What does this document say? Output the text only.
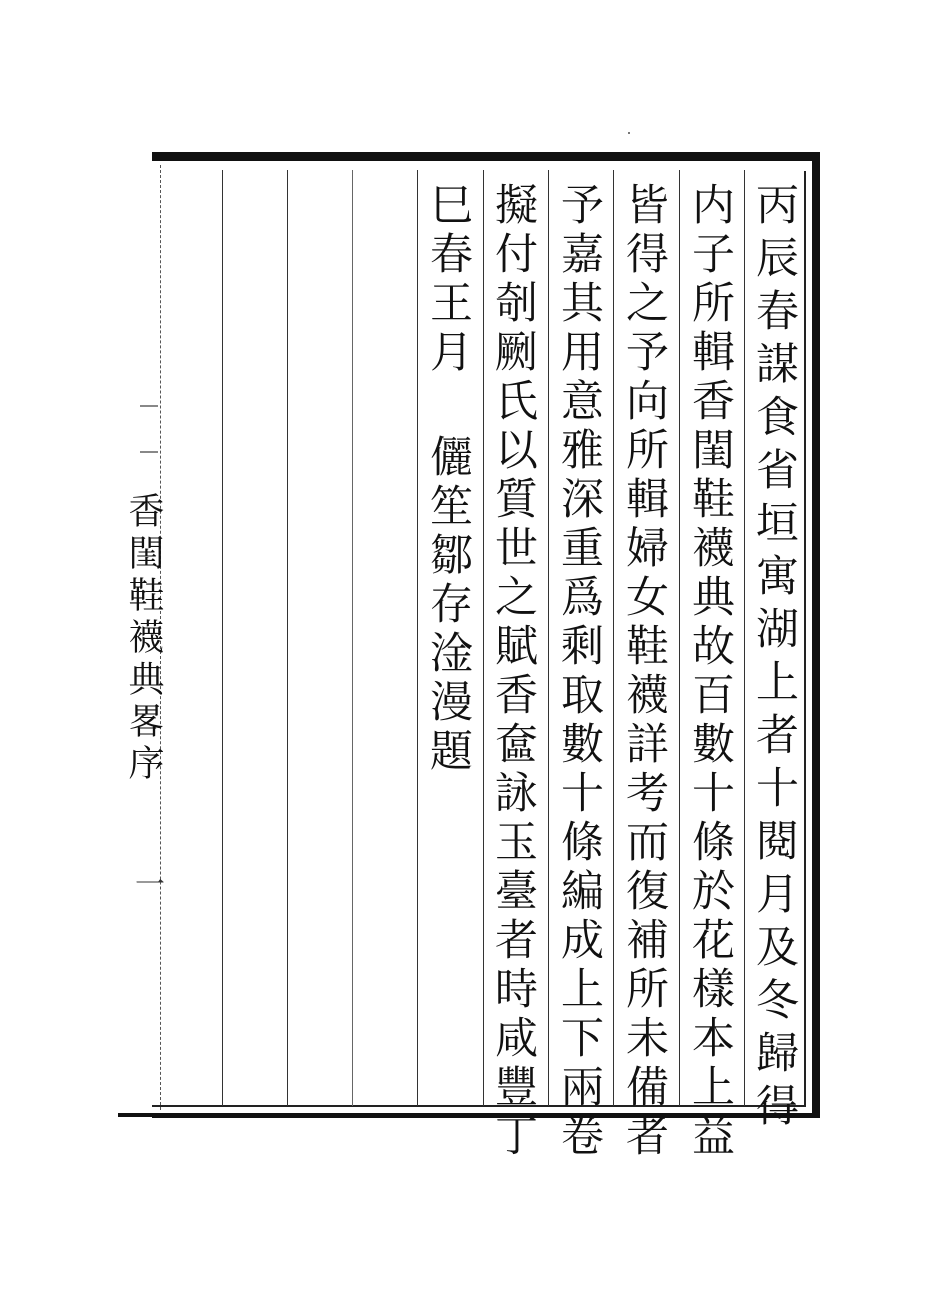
丙辰春謀食省垣寓湖上者十閱月及冬歸得
内子所輯香閨鞋襪典故百數十條於花樣本上益
皆得之予向所輯婦女鞋襪詳考而復補所未備者
予嘉其用意雅深重爲剩取數十條編成上下兩卷
擬付剞劂氏以質世之賦香奩詠玉臺者時咸豐丁
巳春王月 儷笙鄒存淦漫題
香閨鞋襪典畧序
一
